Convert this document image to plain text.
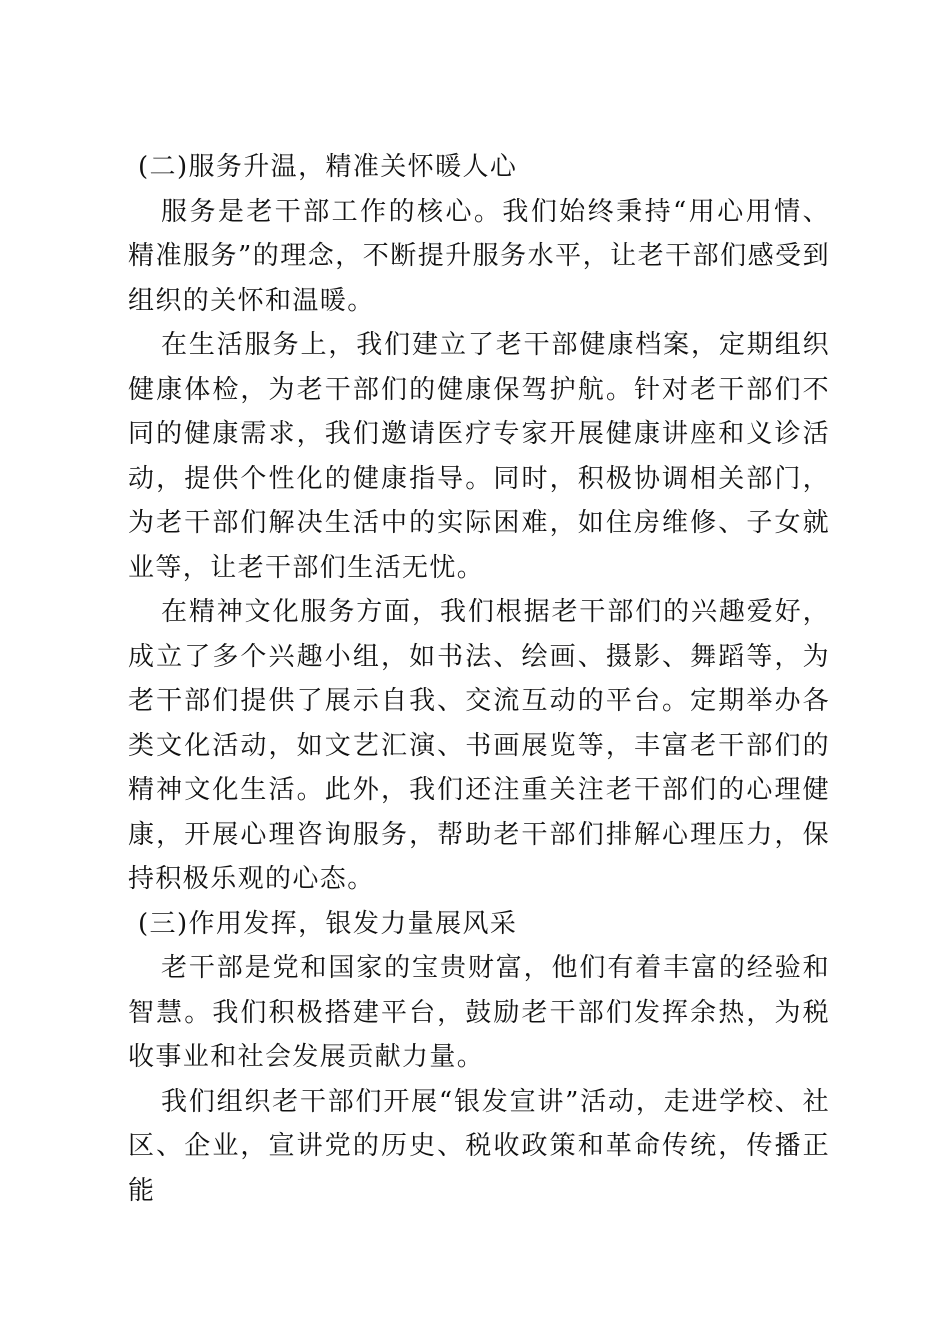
(二)服务升温，精准关怀暖人心

服务是老干部工作的核心。我们始终秉持“用心用情、精准服务”的理念，不断提升服务水平，让老干部们感受到组织的关怀和温暖。

在生活服务上，我们建立了老干部健康档案，定期组织健康体检，为老干部们的健康保驾护航。针对老干部们不同的健康需求，我们邀请医疗专家开展健康讲座和义诊活动，提供个性化的健康指导。同时，积极协调相关部门，为老干部们解决生活中的实际困难，如住房维修、子女就业等，让老干部们生活无忧。

在精神文化服务方面，我们根据老干部们的兴趣爱好，成立了多个兴趣小组，如书法、绘画、摄影、舞蹈等，为老干部们提供了展示自我、交流互动的平台。定期举办各类文化活动，如文艺汇演、书画展览等，丰富老干部们的精神文化生活。此外，我们还注重关注老干部们的心理健康，开展心理咨询服务，帮助老干部们排解心理压力，保持积极乐观的心态。

(三)作用发挥，银发力量展风采

老干部是党和国家的宝贵财富，他们有着丰富的经验和智慧。我们积极搭建平台，鼓励老干部们发挥余热，为税收事业和社会发展贡献力量。

我们组织老干部们开展“银发宣讲”活动，走进学校、社区、企业，宣讲党的历史、税收政策和革命传统，传播正能
